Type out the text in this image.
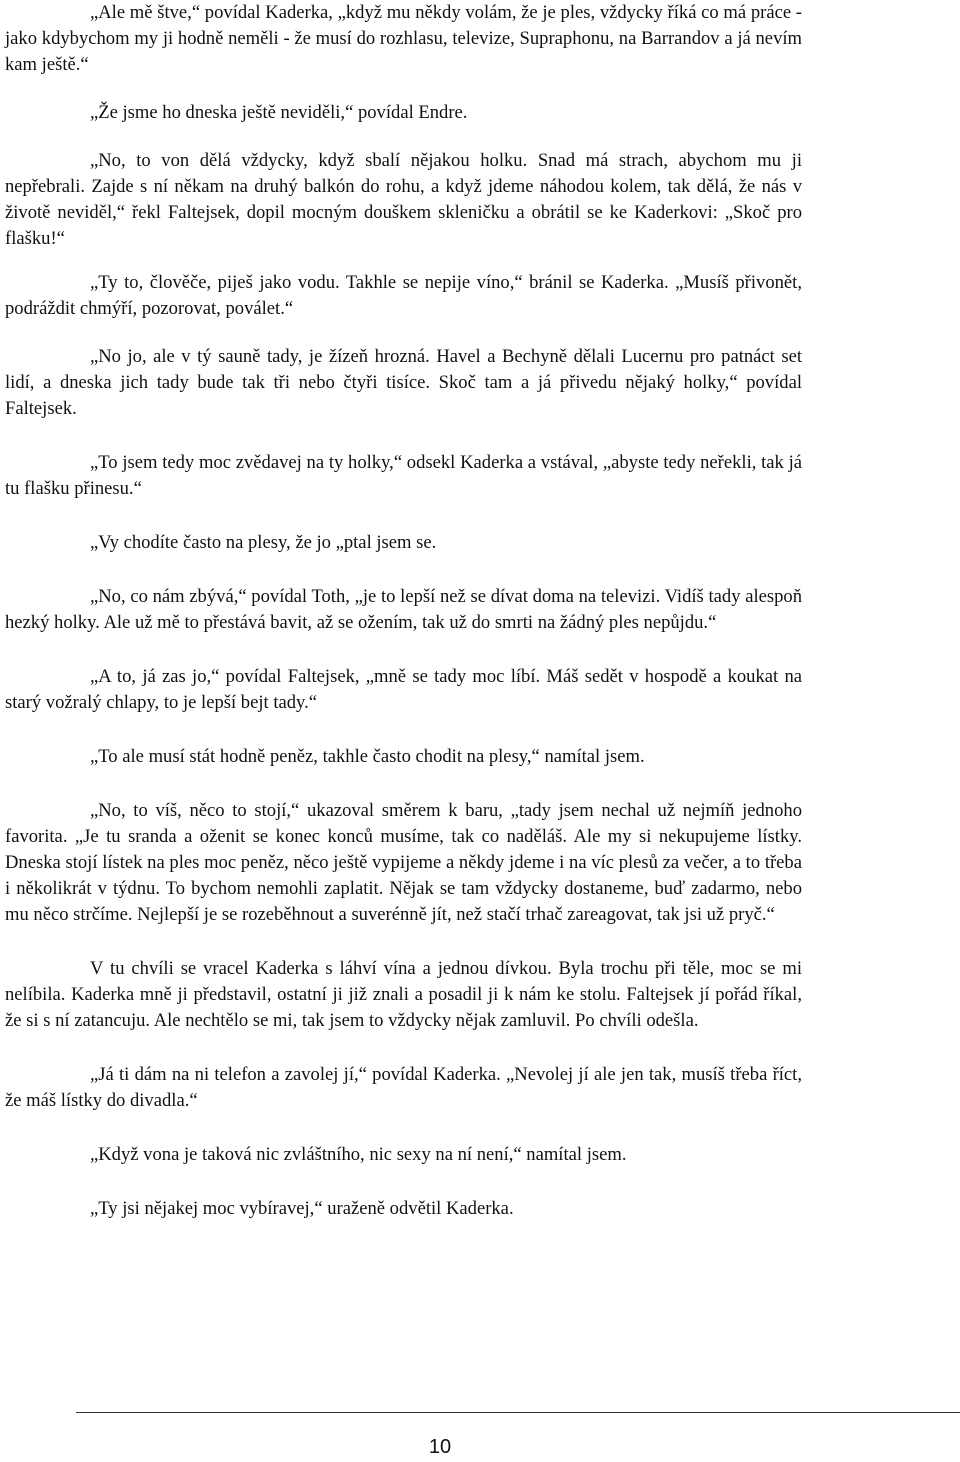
„Ale mě štve,“ povídal Kaderka, „když mu někdy volám, že je ples, vždycky říká co má práce - jako kdybychom my ji hodně neměli - že musí do rozhlasu, televize, Supraphonu, na Barrandov a já nevím kam ještě.“

„Že jsme ho dneska ještě neviděli,“ povídal Endre.

„No, to von dělá vždycky, když sbalí nějakou holku. Snad má strach, abychom mu ji nepřebrali. Zajde s ní někam na druhý balkón do rohu, a když jdeme náhodou kolem, tak dělá, že nás v životě neviděl,“ řekl Faltejsek, dopil mocným douškem skleničku a obrátil se ke Kaderkovi: „Skoč pro flašku!“

„Ty to, člověče, piješ jako vodu. Takhle se nepije víno,“ bránil se Kaderka. „Musíš přivonět, podráždit chmýří, pozorovat, poválet.“

„No jo, ale v tý sauně tady, je žízeň hrozná. Havel a Bechyně dělali Lucernu pro patnáct set lidí, a dneska jich tady bude tak tři nebo čtyři tisíce. Skoč tam a já přivedu nějaký holky,“ povídal Faltejsek.

„To jsem tedy moc zvědavej na ty holky,“ odsekl Kaderka a vstával, „abyste tedy neřekli, tak já tu flašku přinesu.“

„Vy chodíte často na plesy, že jo „ptal jsem se.

„No, co nám zbývá,“ povídal Toth, „je to lepší než se dívat doma na televizi. Vidíš tady alespoň hezký holky. Ale už mě to přestává bavit, až se ožením, tak už do smrti na žádný ples nepůjdu.“

„A to, já zas jo,“ povídal Faltejsek, „mně se tady moc líbí. Máš sedět v hospodě a koukat na starý vožralý chlapy, to je lepší bejt tady.“

„To ale musí stát hodně peněz, takhle často chodit na plesy,“ namítal jsem.

„No, to víš, něco to stojí,“ ukazoval směrem k baru, „tady jsem nechal už nejmíň jednoho favorita. „Je tu sranda a oženit se konec konců musíme, tak co naděláš. Ale my si nekupujeme lístky. Dneska stojí lístek na ples moc peněz, něco ještě vypijeme a někdy jdeme i na víc plesů za večer, a to třeba i několikrát v týdnu. To bychom nemohli zaplatit. Nějak se tam vždycky dostaneme, buď zadarmo, nebo mu něco strčíme. Nejlepší je se rozeběhnout a suverénně jít, než stačí trhač zareagovat, tak jsi už pryč.“

V tu chvíli se vracel Kaderka s láhví vína a jednou dívkou. Byla trochu při těle, moc se mi nelíbila. Kaderka mně ji představil, ostatní ji již znali a posadil ji k nám ke stolu. Faltejsek jí pořád říkal, že si s ní zatancuju. Ale nechtělo se mi, tak jsem to vždycky nějak zamluvil. Po chvíli odešla.

„Já ti dám na ni telefon a zavolej jí,“ povídal Kaderka. „Nevolej jí ale jen tak, musíš třeba říct, že máš lístky do divadla.“

„Když vona je taková nic zvláštního, nic sexy na ní není,“ namítal jsem.

„Ty jsi nějakej moc vybíravej,“ uraženě odvětil Kaderka.

10
